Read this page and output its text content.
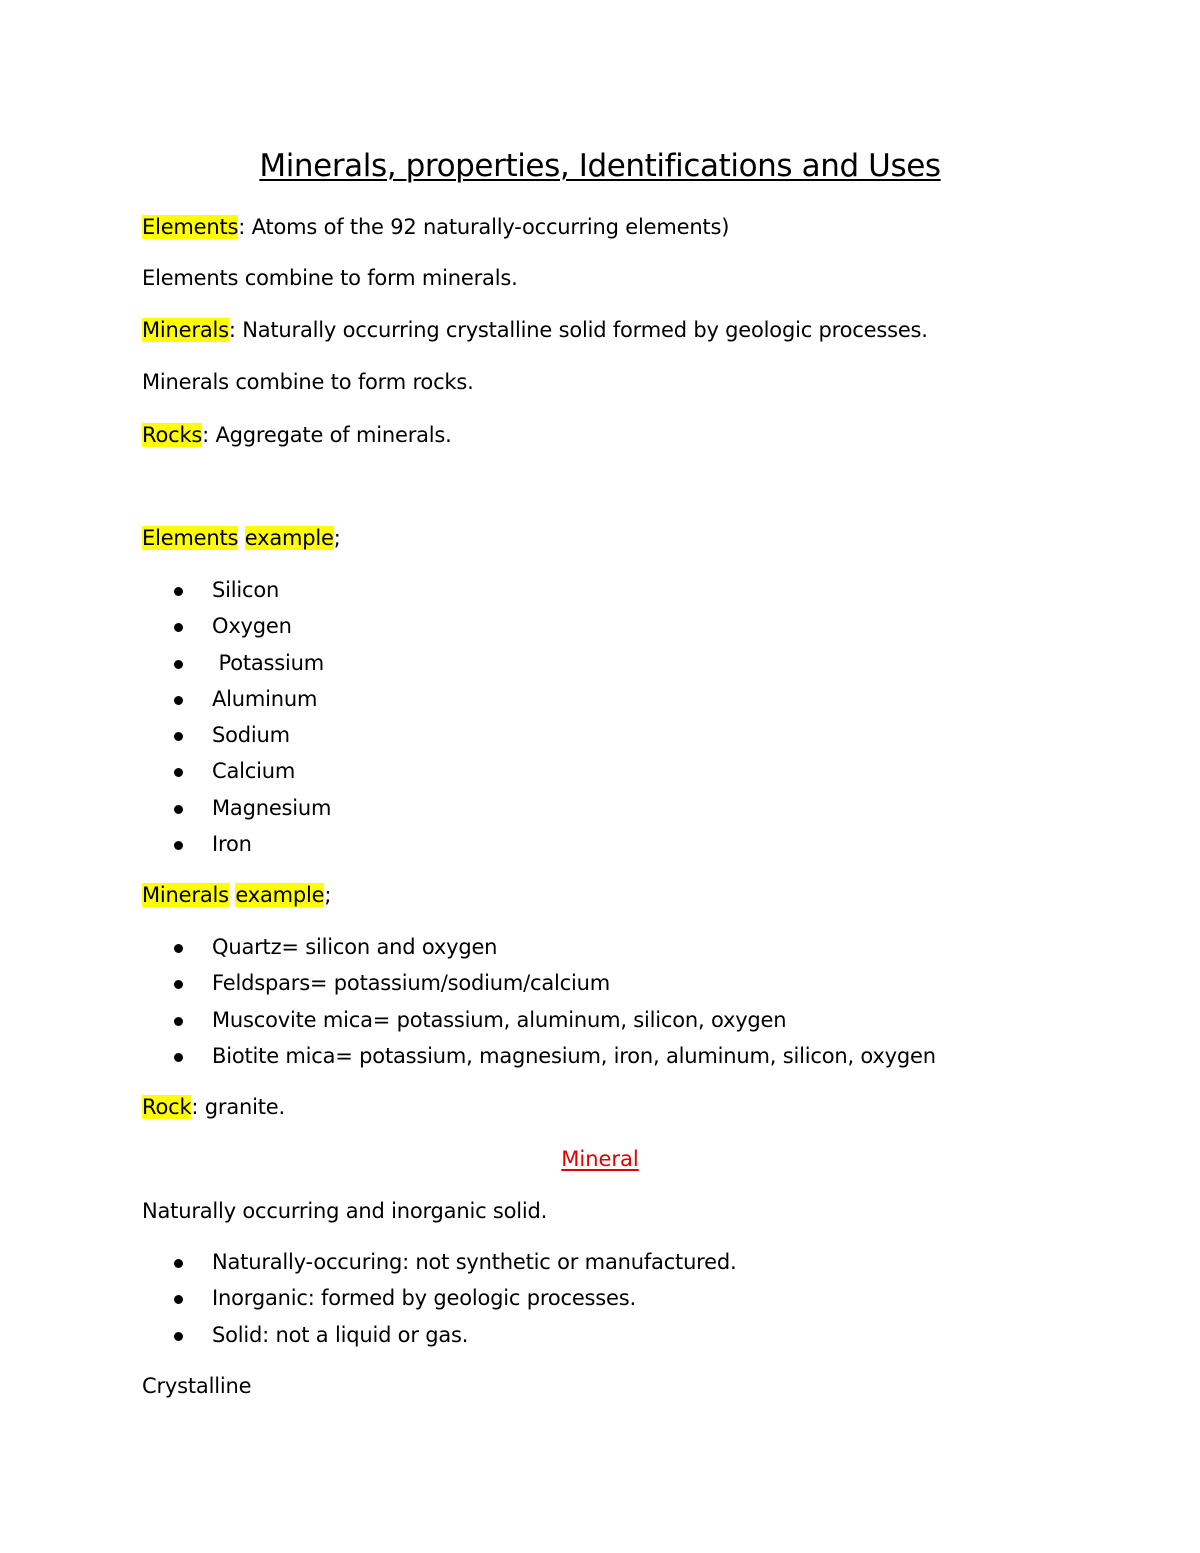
Minerals, properties, Identifications and Uses
Elements: Atoms of the 92 naturally-occurring elements)
Elements combine to form minerals.
Minerals: Naturally occurring crystalline solid formed by geologic processes.
Minerals combine to form rocks.
Rocks: Aggregate of minerals.
Elements example;
Silicon
Oxygen
Potassium
Aluminum
Sodium
Calcium
Magnesium
Iron
Minerals example;
Quartz= silicon and oxygen
Feldspars= potassium/sodium/calcium
Muscovite mica= potassium, aluminum, silicon, oxygen
Biotite mica= potassium, magnesium, iron, aluminum, silicon, oxygen
Rock: granite.
Mineral
Naturally occurring and inorganic solid.
Naturally-occuring: not synthetic or manufactured.
Inorganic: formed by geologic processes.
Solid: not a liquid or gas.
Crystalline
